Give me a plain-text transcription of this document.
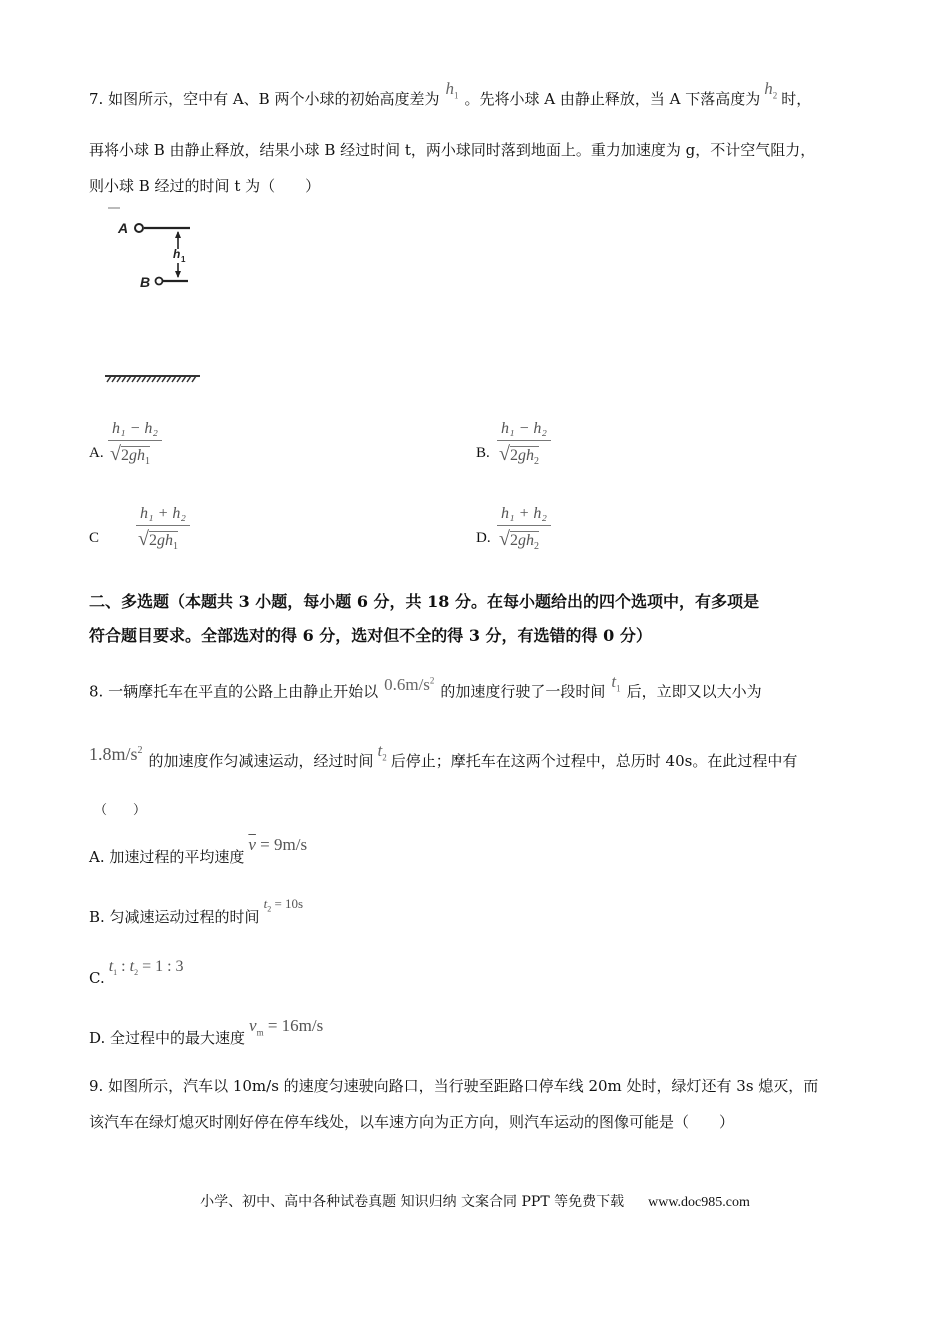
7. 如图所示，空中有 A、B 两个小球的初始高度差为$h_1$ 。先将小球 A 由静止释放，当 A 下落高度为$h_2$ 时，
再将小球 B 由静止释放，结果小球 B 经过时间 t，两小球同时落到地面上。重力加速度为 g，不计空气阻力，
则小球 B 经过的时间 t 为（　　）
A
h 1
B
A.
h₁ − h₂
$√2gh_1$
B.
h₁ − h₂
$√2gh_2$
C
h₁ + h₂
$√2gh_1$
D.
h₁ + h₂
$√2gh_2$
二、多选题（本题共 3 小题，每小题 6 分，共 18 分。在每小题给出的四个选项中，有多项是
符合题目要求。全部选对的得 6 分，选对但不全的得 3 分，有选错的得 0 分）
8. 一辆摩托车在平直的公路上由静止开始以 $0.6m/s^2$的加速度行驶了一段时间$t_1$ 后，立即又以大小为
$1.8m/s^2$的加速度作匀减速运动，经过时间$t_2$ 后停止；摩托车在这两个过程中，总历时 40s。在此过程中有
（　　）
A. 加速过程的平均速度$\overline{v} = 9m/s$
B. 匀减速运动过程的时间$t_2 = 10s$
$C.t_1$ : $t_2 = 1$ : 3
D. 全过程中的最大速度$v_m = 16m/s$
9. 如图所示，汽车以 10m/s 的速度匀速驶向路口，当行驶至距路口停车线 20m 处时，绿灯还有 3s 熄灭，而
该汽车在绿灯熄灭时刚好停在停车线处，以车速方向为正方向，则汽车运动的图像可能是（　　）
小学、初中、高中各种试卷真题 知识归纳 文案合同 PPT 等免费下载 www.doc985.com
